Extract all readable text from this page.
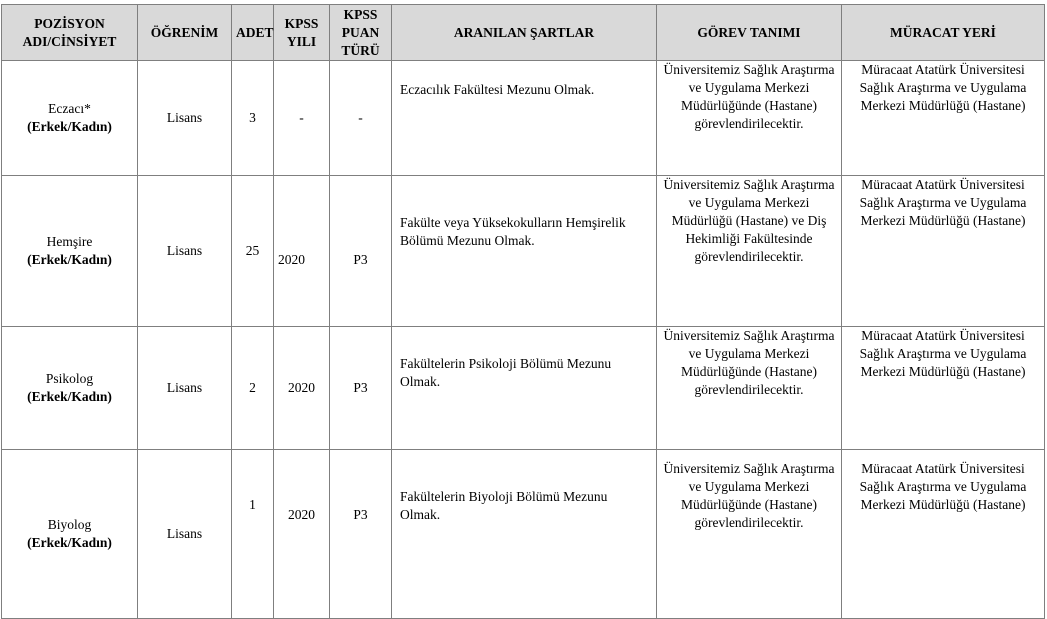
POZİSYON ADI/CİNSİYET	ÖĞRENİM	ADET	KPSS YILI	KPSS PUAN TÜRÜ	ARANILAN ŞARTLAR	GÖREV TANIMI	MÜRACAT YERİ

Eczacı*
(Erkek/Kadın)	Lisans	3	-	-	Eczacılık Fakültesi Mezunu Olmak.	Üniversitemiz Sağlık Araştırma ve Uygulama Merkezi Müdürlüğünde (Hastane) görevlendirilecektir.	Müracaat Atatürk Üniversitesi Sağlık Araştırma ve Uygulama Merkezi Müdürlüğü (Hastane)

Hemşire
(Erkek/Kadın)	Lisans	25	2020	P3	Fakülte veya Yüksekokulların Hemşirelik Bölümü Mezunu Olmak.	Üniversitemiz Sağlık Araştırma ve Uygulama Merkezi Müdürlüğü (Hastane) ve Diş Hekimliği Fakültesinde görevlendirilecektir.	Müracaat Atatürk Üniversitesi Sağlık Araştırma ve Uygulama Merkezi Müdürlüğü (Hastane)

Psikolog
(Erkek/Kadın)	Lisans	2	2020	P3	Fakültelerin Psikoloji Bölümü Mezunu Olmak.	Üniversitemiz Sağlık Araştırma ve Uygulama Merkezi Müdürlüğünde (Hastane) görevlendirilecektir.	Müracaat Atatürk Üniversitesi Sağlık Araştırma ve Uygulama Merkezi Müdürlüğü (Hastane)

Biyolog
(Erkek/Kadın)	Lisans	1	2020	P3	Fakültelerin Biyoloji Bölümü Mezunu Olmak.	Üniversitemiz Sağlık Araştırma ve Uygulama Merkezi Müdürlüğünde (Hastane) görevlendirilecektir.	Müracaat Atatürk Üniversitesi Sağlık Araştırma ve Uygulama Merkezi Müdürlüğü (Hastane)
